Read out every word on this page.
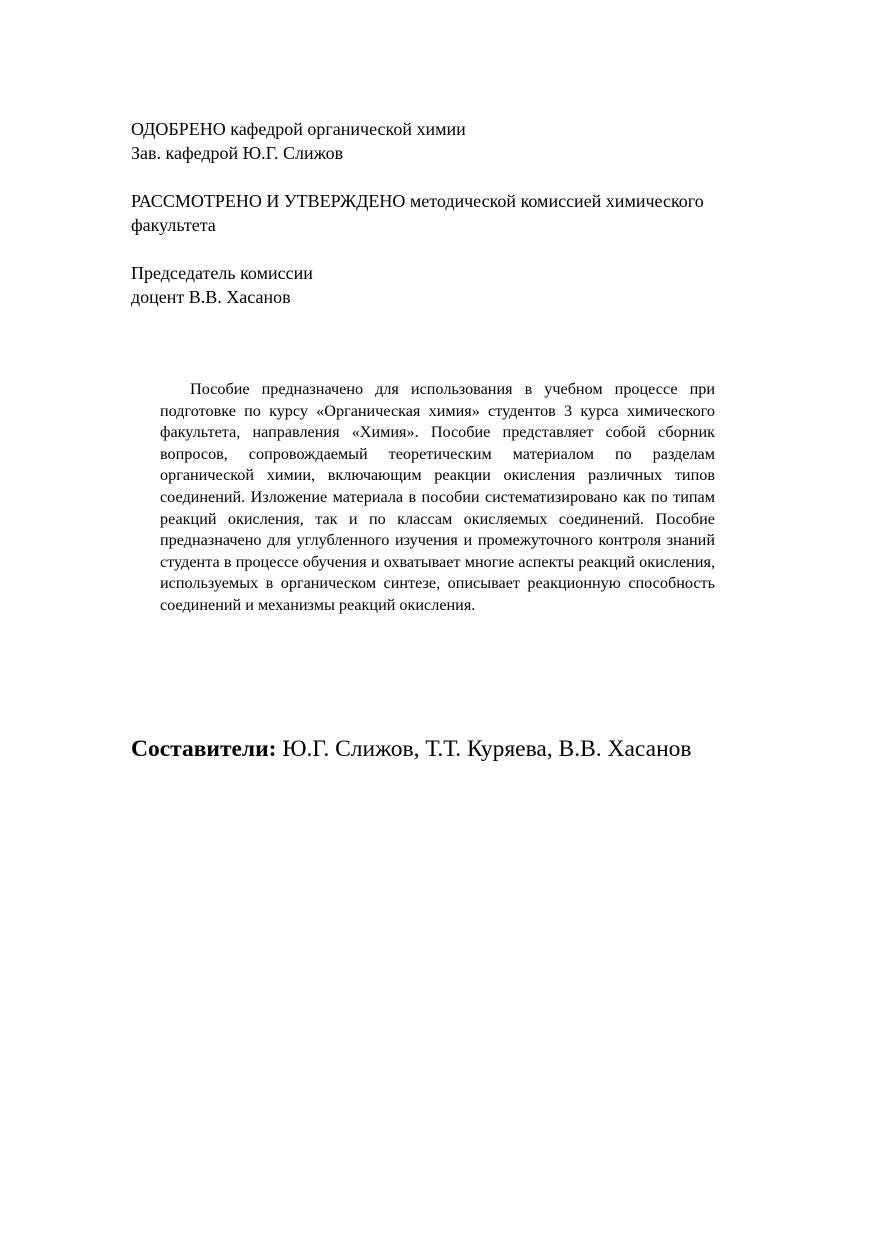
ОДОБРЕНО кафедрой органической химии

Зав. кафедрой Ю.Г. Слижов

РАССМОТРЕНО И УТВЕРЖДЕНО методической комиссией химического факультета

Председатель комиссии

доцент В.В. Хасанов

Пособие предназначено для использования в учебном процессе при подготовке по курсу «Органическая химия» студентов 3 курса химического факультета, направления «Химия». Пособие представляет собой сборник вопросов, сопровождаемый теоретическим материалом по разделам органической химии, включающим реакции окисления различных типов соединений. Изложение материала в пособии систематизировано как по типам реакций окисления, так и по классам окисляемых соединений. Пособие предназначено для углубленного изучения и промежуточного контроля знаний студента в процессе обучения и охватывает многие аспекты реакций окисления, используемых в органическом синтезе, описывает реакционную способность соединений и механизмы реакций окисления.

Составители: Ю.Г. Слижов, Т.Т. Куряева, В.В. Хасанов
